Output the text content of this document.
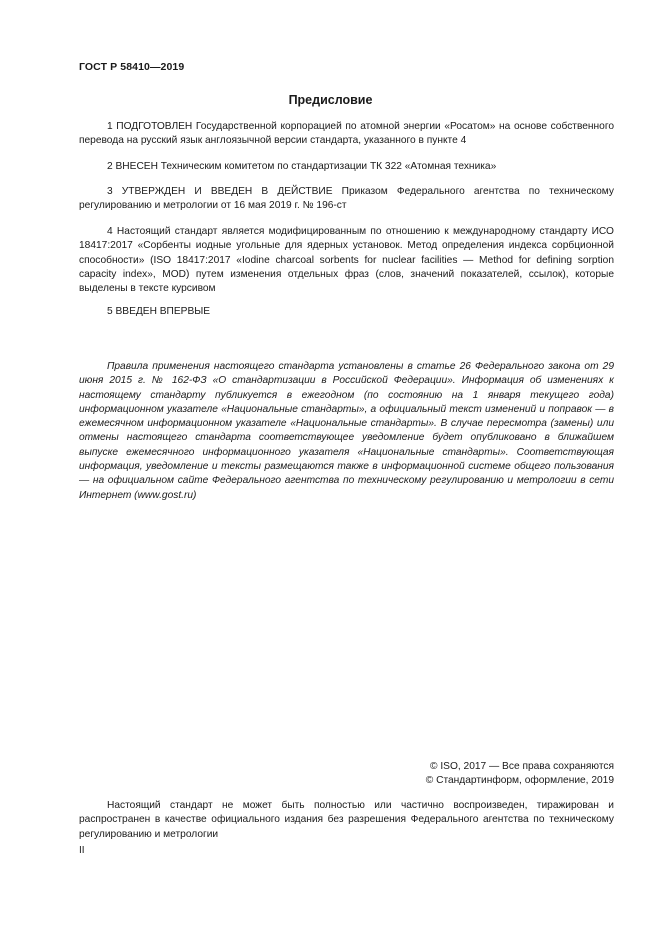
ГОСТ Р 58410—2019
Предисловие

1 ПОДГОТОВЛЕН Государственной корпорацией по атомной энергии «Росатом» на основе собственного перевода на русский язык англоязычной версии стандарта, указанного в пункте 4

2 ВНЕСЕН Техническим комитетом по стандартизации ТК 322 «Атомная техника»

3 УТВЕРЖДЕН И ВВЕДЕН В ДЕЙСТВИЕ Приказом Федерального агентства по техническому регулированию и метрологии от 16 мая 2019 г. № 196-ст

4 Настоящий стандарт является модифицированным по отношению к международному стандарту ИСО 18417:2017 «Сорбенты иодные угольные для ядерных установок. Метод определения индекса сорбционной способности» (ISO 18417:2017 «Iodine charcoal sorbents for nuclear facilities — Method for defining sorption capacity index», MOD) путем изменения отдельных фраз (слов, значений показателей, ссылок), которые выделены в тексте курсивом

5 ВВЕДЕН ВПЕРВЫЕ

Правила применения настоящего стандарта установлены в статье 26 Федерального закона от 29 июня 2015 г. № 162-ФЗ «О стандартизации в Российской Федерации». Информация об изменениях к настоящему стандарту публикуется в ежегодном (по состоянию на 1 января текущего года) информационном указателе «Национальные стандарты», а официальный текст изменений и поправок — в ежемесячном информационном указателе «Национальные стандарты». В случае пересмотра (замены) или отмены настоящего стандарта соответствующее уведомление будет опубликовано в ближайшем выпуске ежемесячного информационного указателя «Национальные стандарты». Соответствующая информация, уведомление и тексты размещаются также в информационной системе общего пользования — на официальном сайте Федерального агентства по техническому регулированию и метрологии в сети Интернет (www.gost.ru)

© ISO, 2017 — Все права сохраняются
© Стандартинформ, оформление, 2019

Настоящий стандарт не может быть полностью или частично воспроизведен, тиражирован и распространен в качестве официального издания без разрешения Федерального агентства по техническому регулированию и метрологии

II
